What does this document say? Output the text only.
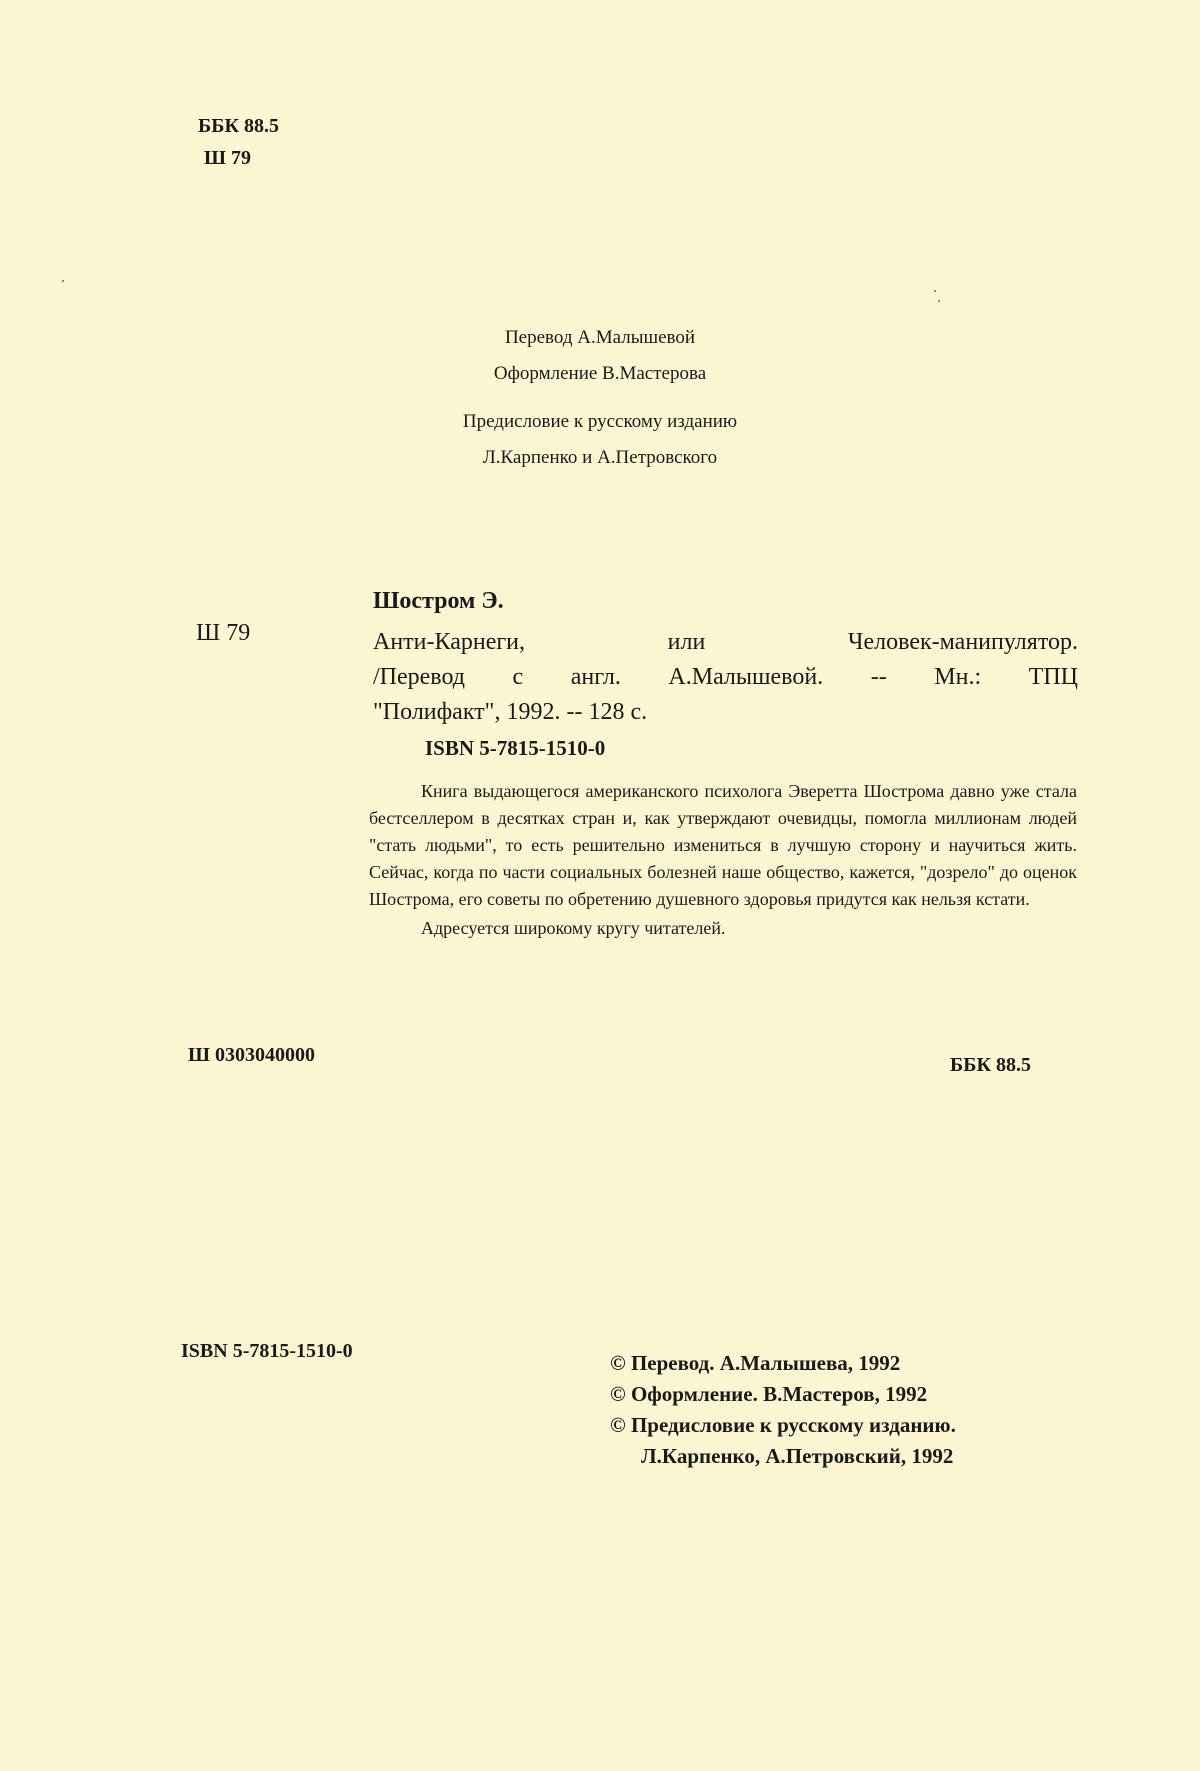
ББК 88.5

Ш 79

Перевод А.Малышевой

Оформление В.Мастерова

Предисловие к русскому изданию

Л.Карпенко и А.Петровского

Шостром Э.
Ш 79	Анти-Карнеги, или Человек-манипулятор.

/Перевод с англ. А.Малышевой. -- Мн.: ТПЦ

"Полифакт", 1992. -- 128 с.

ISBN 5-7815-1510-0

Книга выдающегося американского психолога Эверетта Шострома давно уже стала бестселлером в десятках стран и, как утверждают очевидцы, помогла миллионам людей "стать людьми", то есть решительно измениться в лучшую сторону и научиться жить. Сейчас, когда по части социальных болезней наше общество, кажется, "дозрело" до оценок Шострома, его советы по обретению душевного здоровья придутся как нельзя кстати.

Адресуется широкому кругу читателей.

Ш 0303040000	ББК 88.5
ISBN 5-7815-1510-0	© Перевод. А.Малышева, 1992

© Оформление. В.Мастеров, 1992

© Предисловие к русскому изданию.

Л.Карпенко, А.Петровский, 1992
